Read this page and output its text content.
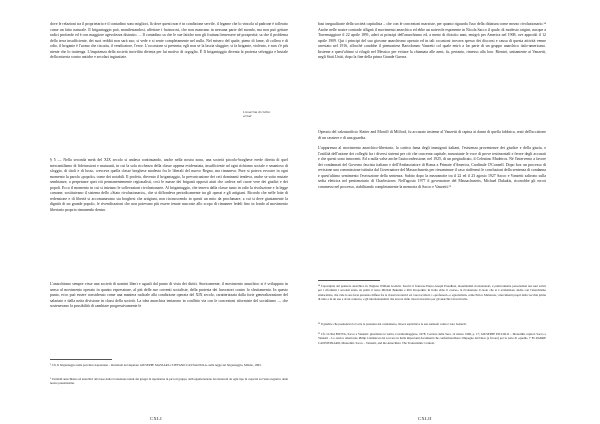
dove le relazioni tra il proprietario e il contadino sono migliori, là dove questi non è in condizione servile, il legame che lo vincola al padrone è tollerato come un fatto naturale. Il brigantaggio può, manifestandosi, affettare i facinorosi, che non mancano in nessuna parte del mondo, ma non può gettare radici profonde ed è con maggiore agevolezza distrutto. ... Il contadino sa che le sue fatiche non gli fruttano benessere né prosperità; sa che il problema della terra insufficiente, dei suoi redditi non sarà suo; si vede e si sente completamente nel nulla. Nel misero del quale, pieno di fame, di collera e di odio, il brigante è l'uomo che riscatta, il vendicatore, l'eroe. L'occasione si presenta; egli non se la lascia sfuggire; si fa brigante, violento, e non c'è più niente che lo trattenga. L'impotenza della società incivilita diventa per lui motivo di orgoglio. È Il brigantaggio diventa la protesta selvaggia e brutale della miseria contro antiche e secolari ingiustizie.

§ 5 — Nella seconda metà del XIX secolo si andava continuando, anche nella nostra zona, una società piccolo-borghese erede diretta di quel mercantilismo di fideiussioni e mutuanti, in cui la sola ricchezza della classe appena evidenziata, insufficiente ad ogni richiamo sociale e smanioso di sfoggio, di titoli e di lusso, cresceva quella classe borghese modesta fra le liberali del nuovo Regno, ma rimaneva. Pure si poteva evocare in ogni momento la parola «popolo» come dei notabili. Il profeta, dirvento il brigantaggio, la prevaricazione dei ceti dominanti tendeva, anche se sotto mutate sembianze, a perpetuare quei riti permanentemente regionalisti, così le masse dei briganti opposti aiuti che cadeva nel cuore vere dei giudici e dei popoli. Ecco il momento in cui si iniziano le sollevazioni rivoluzionarie. Al brigantaggio, che teneva dalla classe tanto in odio la rivoluzione e la legge comune, sostituivano il sistema dello «Stato rivoluzionario», che si diffondeva periodicamente tra gli operai e gli artigiani. Ricordo che nelle lotte di redenzione e di libertà si accomunavano sia borghesi che artigiani, non riconoscendo in questi un mito da proclamare, a cui si deve giustamente la dignità di un grande popolo, le rivendicazioni che non potevano più essere tenute nascoste allo scopo di rimanere fedeli fino in fondo al movimento libertario proprio rimanendo dentro.

L'anarchismo sempre visse una società di uomini liberi e uguali dal punto di vista dei diritti. Storicamente, il movimento anarchico si è sviluppato in senso al movimento operaio in quanto espressione, al più delle sue correnti socialiste, della protesta dei lavoratori contro lo sfruttamento. In questo punto, ecco può essere considerato come una maniera radicale alla condizione operaia del XIX secolo, caratterizzata dalla forte generalizzazione del salariato e dalla netta divisione in classi della società. La idea anarchica tentarono in conflitto via con le concezioni riformiste del socialismo — che sostenevano la possibilità di cambiare progressivamente le

¹ Cfr. Il brigantaggio nelle province napoletane – Relazioni del deputato GIUSEPPE MASSARI e STEFANO CASTAGNOLA, sulla legge sul brigantaggio, Milano, 1863.

² Variabili anarchismo ed anarchici alla base della rivoluzione tenuti dei gruppi di ripetizione in piccoli gruppi, dall'organizzazione dei sindacati da ogni tipo di capacità su l'esito negativo delle nostre potentissime.

CXLI
L'anarchia di civiltà al Sud

basi inegualitarie della società capitalista – che con le concezioni marxiste, per quanto riguarda l'uso della dittatura come mezzo rivoluzionario.³⁴ Anche nelle nostre contrade allignò il movimento anarchico ed ebbe un notevole esponente in Nicola Sacco il quale, di modesto origini, nacque a Torremaggiore il 22 aprile 1891, aderì ai principi dell'anarchismo ed, a meno di diciotto anni, emigrò per America nel 1908, ove approdò il 12 aprile 1909. Qui i principi del suo giovane anarchismo operaio ed in tali occasioni trovava spesso dei discorsi e causa di questa attività venne arrestato nel 1916, allorché conobbe il piemontese Bartolomeo Vanzetti col quale entrò a far parte di un gruppo anarchico italo-americano. Insieme a quest'ultimo si rifugiò nel Messico per evitare la chiamata alle armi, fu, pertanto, rimesso alla loro. Rientrò, unitamente ai Vanzetti, negli Stati Uniti, dopo la fine della prima Grande Guerra.

Operaio del calzaturificio Slatter and Morrill di Milford, fu accusato insieme al Vanzetti di rapina ai danni di quella fabbrica, reati dell'uccisione di un cassiere e di una guardia.

L'apparenza al movimento anarchico-libertario, la cattiva fama degli immigrati italiani, l'esistenza provenienze dei giudice e della giuria, e l'ostilità dell'azione dei colleghi fra i diversi sistemi per ciò che concerna capitale, nonostante le voce di prove testimoniali e ferree degli accusati e che questi sono innocenti. Ed a nulla valse anche l'autoconfessione, nel 1925, di un pregiudicato, il Celestino Madeiros. Né l'intervento a favore dei condannati del Governo fascista italiano e dell'Ambasciatore di Roma a Primate d'America, Cardinale O'Connell. Dopo box un processo di revisione una commissione istituita dal Governatore del Massachusetts per riesaminare il caso riaffermò le conclusioni della sentenza di condanna e quest'ultimo sentimento l'esecuzione della sentenza. Subito dopo la mezzanotte tra il 22 ed il 23 agosto 1927 Sacco e Vanzetti salirono sulla sedia elettrica nel penitenziario di Charlestown. Nell'agosto 1977 il governatore del Massachusetts, Michael Dukakis, riconobbe gli errori commessi nel processo, riabilitando completamente la memoria di Sacco e Vanzetti.³⁵

³⁴ Capostipite del pensiero anarchico fu l'inglese William Godwin. Teorici il francese Pierre-Joseph Proudhon, massimalisti rivoluzionari, è politicamente personalista nei suoi scritti per i riformisti i secondi erano da primi il russo Michail Bakunin e Pëtr Kropotkin. In Italia ebbe il «verso» la rivoluzione il ruolo che si è evidenziato anche con l'anarchismo sindacalista, che vide la sua forte presenza diffusa fra le classi lavoratrici ed i suoi scrittori, i «professori» e «giornalisti» come Errico Malatesta, i movimenti propri della vecchia prima di tutto e di un suo e di un contesto, e gli internazionalisti che ancora dalle classi lavorative per gli anarchici di un livello.

³⁵ Il giudice che presiedeva la Corte la presenza del condannato, invece esplicitava le sue sanzioni contro i loro bastardi.

³⁶ Cfr. LUIGI BOTTA, Sacco e Vanzetti: giustiziata la verità, Cavallermaggiore, 1978; Corriere della Sera, 12 marzo 1996, p. 17; GIUSEPPE PICCOLO – Monoliths capitol: Sacco e Vanzetti – Lo storico americano Philip Cannistraro ha scovato in Italia importanti documenti che confermerebbero l'impegno del Duce (a favore) per la sorte di «quelli» ?' EL PADRE CANNISTRARO, Mussolini, Sacco – Vanzetti, and the Anarchists: The Transatlantic Context,

CXLII
